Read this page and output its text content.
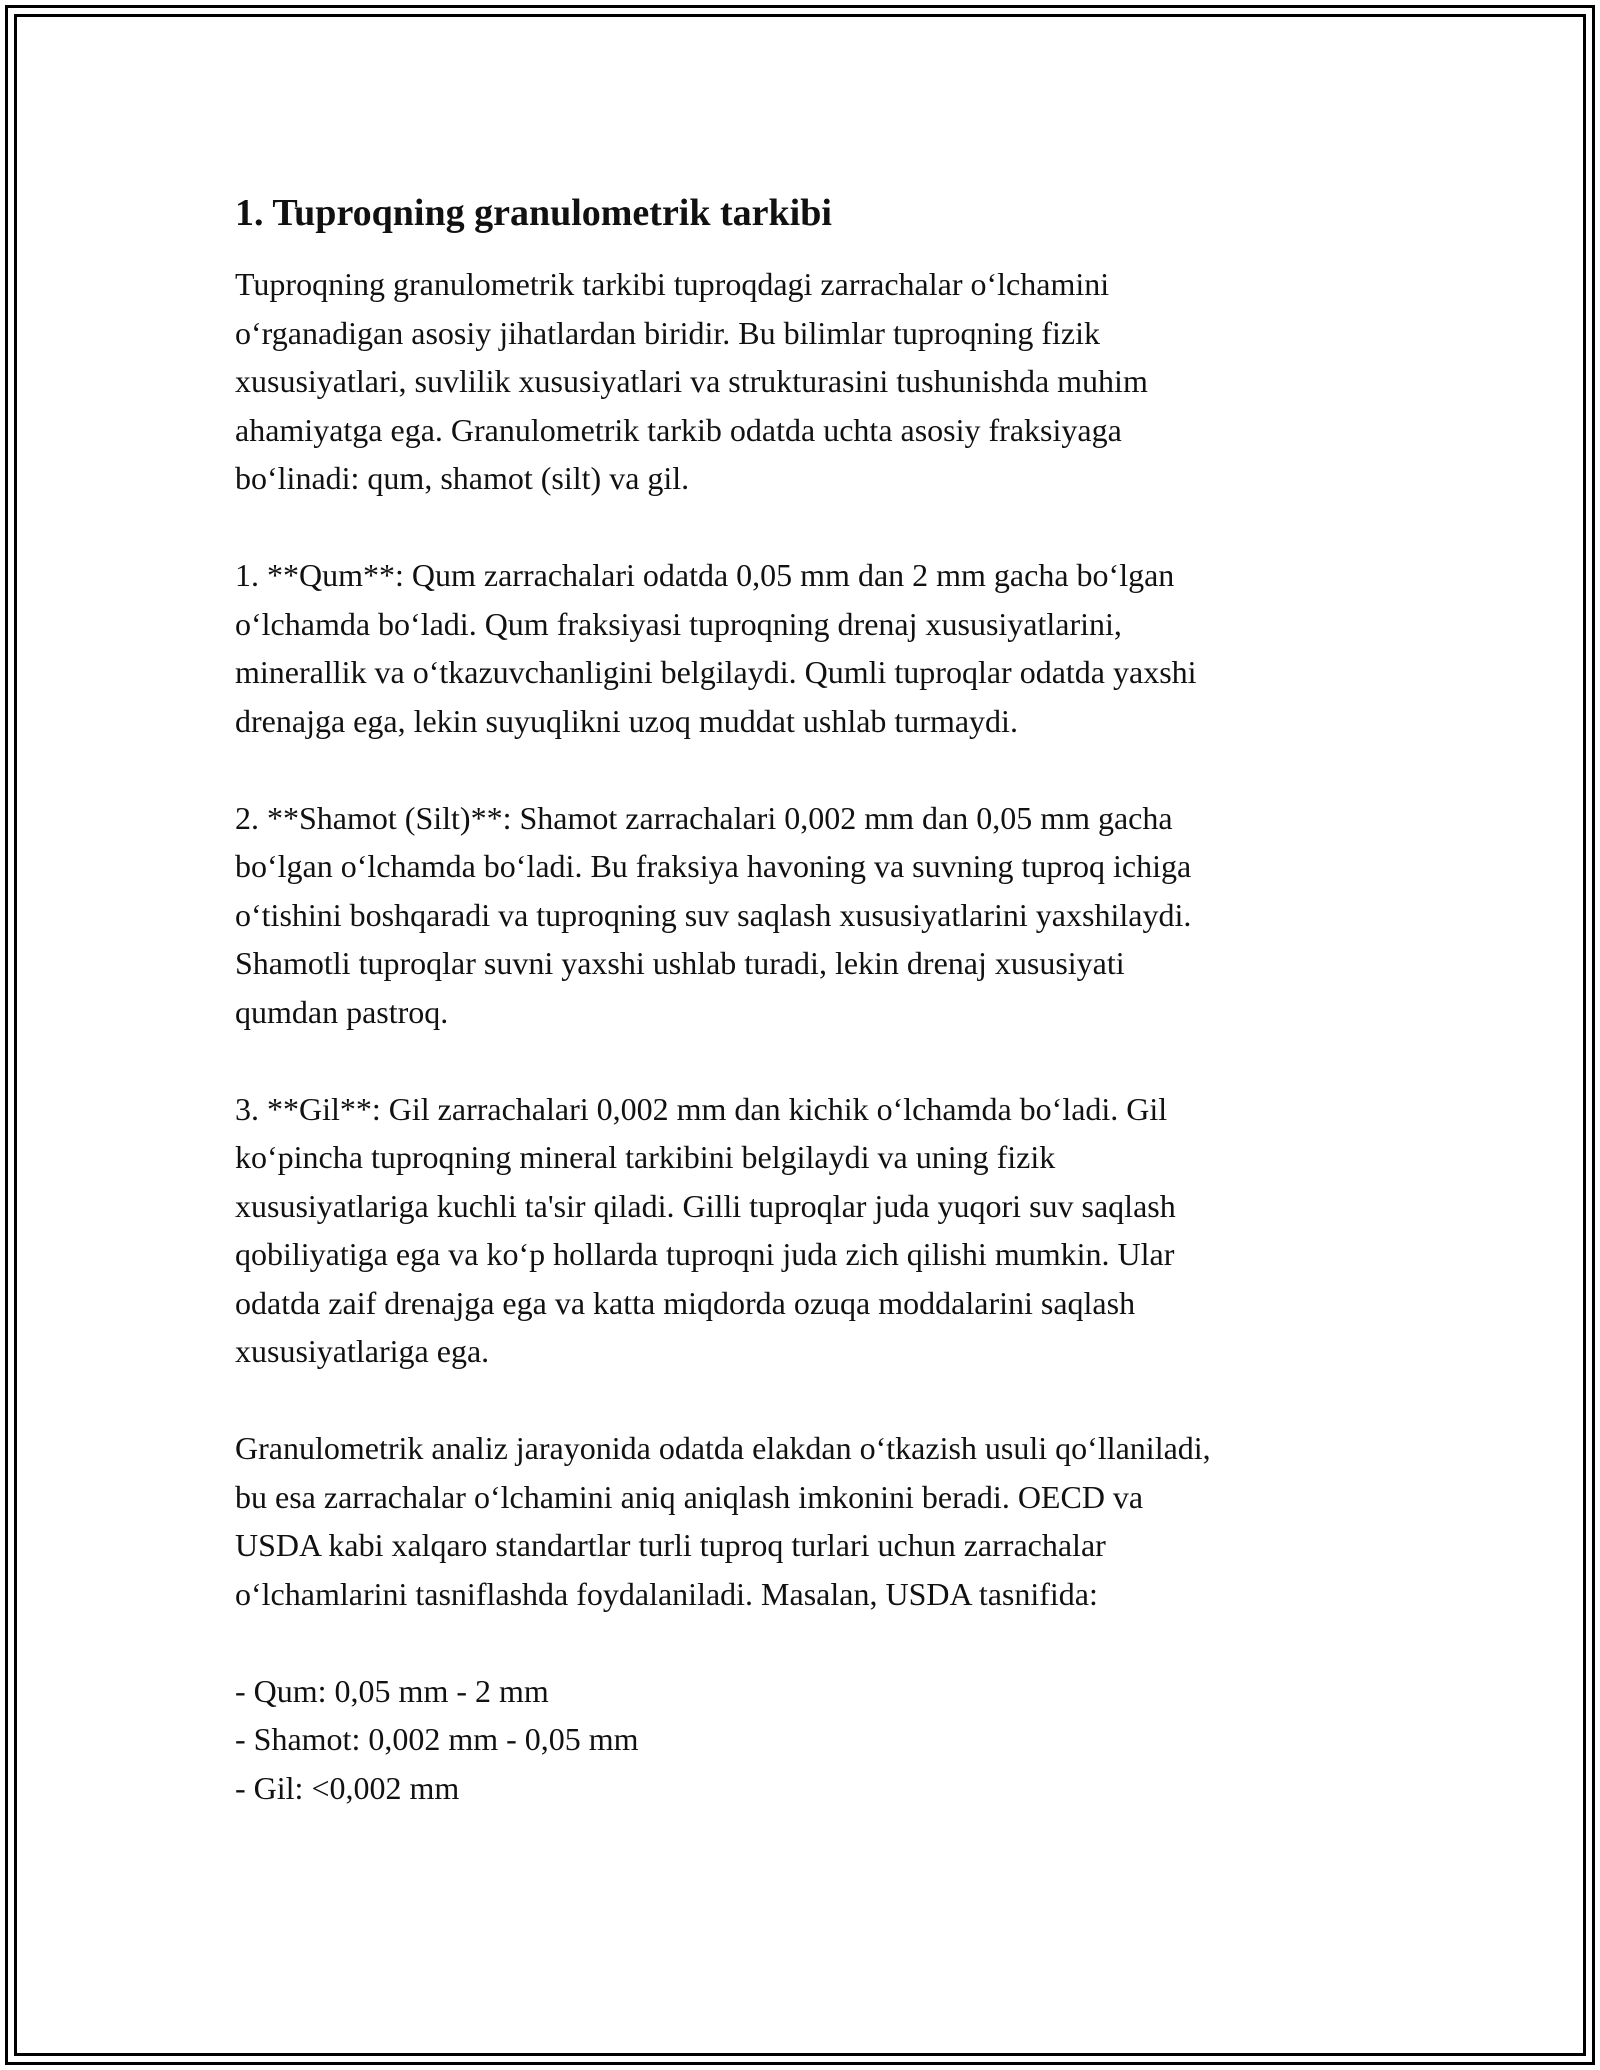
1. Tuproqning granulometrik tarkibi
Tuproqning granulometrik tarkibi tuproqdagi zarrachalar o‘lchamini
o‘rganadigan asosiy jihatlardan biridir. Bu bilimlar tuproqning fizik
xususiyatlari, suvlilik xususiyatlari va strukturasini tushunishda muhim
ahamiyatga ega. Granulometrik tarkib odatda uchta asosiy fraksiyaga
bo‘linadi: qum, shamot (silt) va gil.
1. **Qum**: Qum zarrachalari odatda 0,05 mm dan 2 mm gacha bo‘lgan
o‘lchamda bo‘ladi. Qum fraksiyasi tuproqning drenaj xususiyatlarini,
minerallik va o‘tkazuvchanligini belgilaydi. Qumli tuproqlar odatda yaxshi
drenajga ega, lekin suyuqlikni uzoq muddat ushlab turmaydi.
2. **Shamot (Silt)**: Shamot zarrachalari 0,002 mm dan 0,05 mm gacha
bo‘lgan o‘lchamda bo‘ladi. Bu fraksiya havoning va suvning tuproq ichiga
o‘tishini boshqaradi va tuproqning suv saqlash xususiyatlarini yaxshilaydi.
Shamotli tuproqlar suvni yaxshi ushlab turadi, lekin drenaj xususiyati
qumdan pastroq.
3. **Gil**: Gil zarrachalari 0,002 mm dan kichik o‘lchamda bo‘ladi. Gil
ko‘pincha tuproqning mineral tarkibini belgilaydi va uning fizik
xususiyatlariga kuchli ta'sir qiladi. Gilli tuproqlar juda yuqori suv saqlash
qobiliyatiga ega va ko‘p hollarda tuproqni juda zich qilishi mumkin. Ular
odatda zaif drenajga ega va katta miqdorda ozuqa moddalarini saqlash
xususiyatlariga ega.
Granulometrik analiz jarayonida odatda elakdan o‘tkazish usuli qo‘llaniladi,
bu esa zarrachalar o‘lchamini aniq aniqlash imkonini beradi. OECD va
USDA kabi xalqaro standartlar turli tuproq turlari uchun zarrachalar
o‘lchamlarini tasniflashda foydalaniladi. Masalan, USDA tasnifida:
- Qum: 0,05 mm - 2 mm
- Shamot: 0,002 mm - 0,05 mm
- Gil: <0,002 mm
